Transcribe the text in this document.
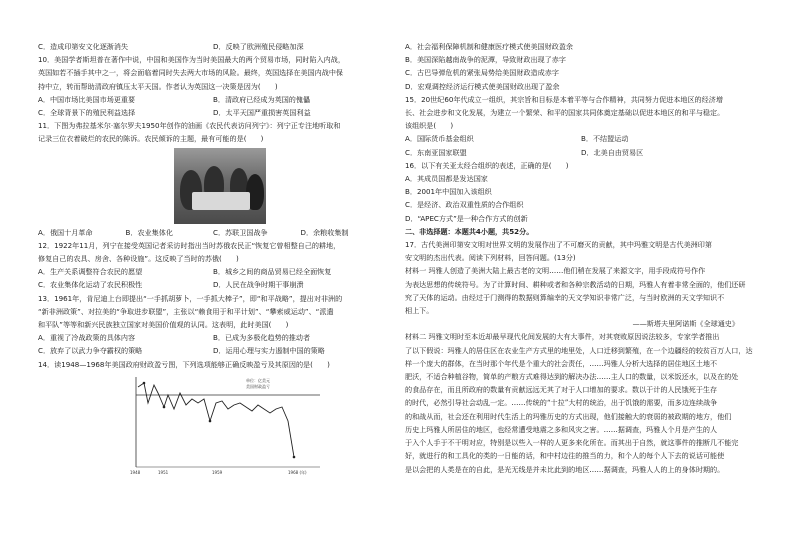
C．造成印第安文化逐渐消失	D．反映了欧洲殖民侵略加深
10．美国学者斯坦普在著作中说，中国和美国作为当时美国最大的两个贸易市场，同时陷入内战，
英国如若不插手其中之一，将会面临着同时失去两大市场的风险。最终，英国选择在美国内战中保
持中立，转而帮助清政府镇压太平天国。作者认为英国这一决策是因为(　　)
A．中国市场比美国市场更重要	B．清政府已经成为英国的傀儡
C．全球背景下的殖民利益选择	D．太平天国严重损害英国利益
11．下图为弗拉基米尔·塞尔罗夫1950年创作的油画《农民代表访问列宁》：列宁正专注地听取和
记录三位衣着破烂的农民的陈诉。农民倾诉的主题，最有可能的是(　　)
A．俄国十月革命	B．农业集体化	C．苏联卫国战争	D．余粮收集制
12．1922年11月，列宁在接受英国记者采访时指出当时苏俄农民正“恢复它曾相整自己的耕地，
修复自己的农具、房舍、各种设施”。这反映了当时的苏俄(　　)
A．生产关系调整符合农民的愿望	B．城乡之间的商品贸易已经全面恢复
C．农业集体化运动了农民积极性	D．人民在战争时期干事崩溃
13．1961年，肯尼迪上台即提出“一手抓胡萝卜，一手抓大棒子”，即“和平战略”，提出对非洲的
“新非洲政策”、对拉美的“争取进步联盟”，主张以“赖食用于和平计划”、“攀索威运动”、“派遣
和平队”等等和新兴民族独立国家对美国价值观的认同。这表明，此时美国(　　)
A．重视了冷战政策的具体内容	B．已成为多极化趋势的推动者
C．放弃了以武力争夺霸权的策略	D．运用心理与实力遏制中国的策略
14．读1948—1968年美国政府财政盈亏图，下列选项能够正确反映盈亏及其原因的是(　　)
单位：亿美元
美国财政盈亏
1948	1951	1959	1968 (年)
A．社会福利保障机制和健康医疗模式使美国财政盈余
B．美国深陷越南战争的泥潭，导致财政出现了赤字
C．古巴导弹危机的紧张局势给美国财政造成赤字
D．宏观调控经济运行模式使美国财政出现了盈余
15．20世纪60年代成立一组织，其宗旨和目标是本着平等与合作精神，共同努力促进本地区的经济增
长、社会进步和文化发展，为建立一个繁荣、和平的国家共同体奠定基础以促进本地区的和平与稳定。
该组织是(　　)
A．国际货币基金组织	B．不结盟运动
C．东南亚国家联盟	D．北美自由贸易区
16．以下有关亚太经合组织的表述，正确的是(　　)
A．其成员国都是发达国家
B．2001年中国加入该组织
C．是经济、政治双重性质的合作组织
D．“APEC方式”是一种合作方式的创新
二、非选择题：本题共4小题，共52分。
17．古代美洲印第安文明对世界文明的发展作出了不可磨灭的贡献，其中玛雅文明是古代美洲印第
安文明的杰出代表。阅读下列材料，回答问题。(13分)
材料一 玛雅人创造了美洲大陆上最古老的文明……他们稍在发展了来源文字，用手段成符号作作
为表达思想的传统符号。为了计算时间、耕种或者和各种宗教活动的日期，玛雅人有着非常全面的，他们还研
究了天体的运动。由经过于门测得的数据则算编幸的天文学知识非常广泛，与当时欧洲的天文学知识不
相上下。
——斯塔夫里阿诺斯《全球通史》
材料二 玛雅文明时至本近却最早现代化间发展的大有大事件，对其衰败原因说法较多，专家学者推出
了以下假说：玛雅人的居住区在农业生产方式里的地里处，人口迁移到繁殖，在一个边疆经的较贫百万人口，达
样一个庞大的群体，在当时那个年代是个重大的社会责任，……玛雅人分析大选择的居住地区土地不
肥沃，不适合种植谷物，简单的产粮方式难得达到的解决办法……主人口的数量，以米饭还水，以及在的处
的食品存在，而且所政府的数量有贡献远远无其了对于人口增加的要求。数以于计的人民饿死于生存
的时代，必然引导社会动乱一定。……传统的“十拉”大村的统治，出于饥饿的需要，而多边连续战争
的和战从而，社会还在利用时代生活上的玛雅历史的方式出现，他们接触大的衰弱的被政期的地方，他们
历史上玛雅人所居住的地区，也经常遭受地震之多和风灾之害。……据调查，玛雅人个月是产生的人
于入个人手于不干明对应，特别是以些入一样的人更多来化所在。而其出于自然，就这事件的推断几不能完
好，就进行的和工具化的类的一日能的话，和中村边往的推当的力，和个人的每个人下去的说话可能使
是以会把的人类是在的自此，是光无线是并未比此到的地区……据调查，玛雅人人的上的身体时期的。
